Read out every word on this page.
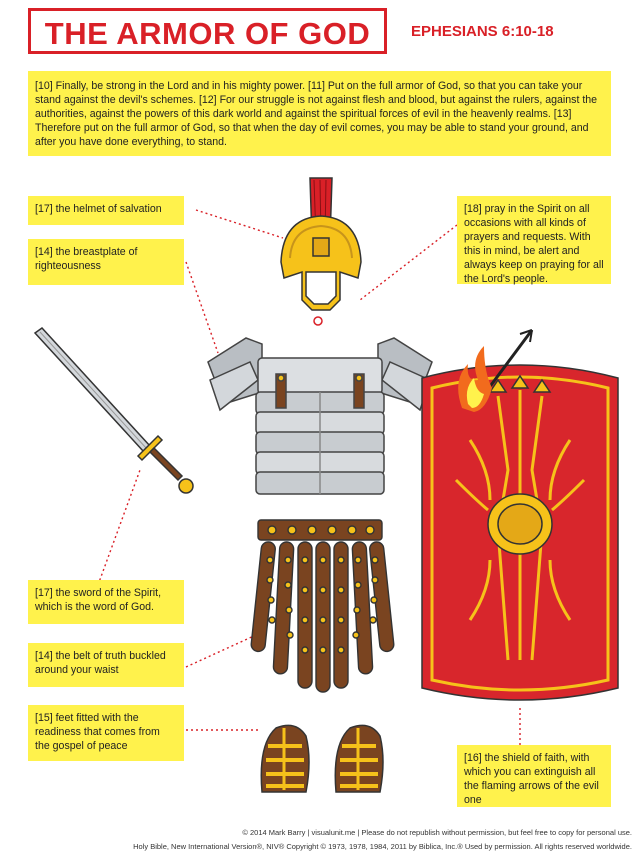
THE ARMOR OF GOD	EPHESIANS 6:10-18
[10] Finally, be strong in the Lord and in his mighty power. [11] Put on the full armor of God, so that you can take your stand against the devil's schemes. [12] For our struggle is not against flesh and blood, but against the rulers, against the authorities, against the powers of this dark world and against the spiritual forces of evil in the heavenly realms. [13] Therefore put on the full armor of God, so that when the day of evil comes, you may be able to stand your ground, and after you have done everything, to stand.
[17] the helmet of salvation
[14] the breastplate of righteousness
[18] pray in the Spirit on all occasions with all kinds of prayers and requests. With this in mind, be alert and always keep on praying for all the Lord's people.
[17] the sword of the Spirit, which is the word of God.
[14] the belt of truth buckled around your waist
[15] feet fitted with the readiness that comes from the gospel of peace
[16] the shield of faith, with which you can extinguish all the flaming arrows of the evil one
© 2014 Mark Barry | visualunit.me | Please do not republish without permission, but feel free to copy for personal use.
Holy Bible, New International Version®, NIV® Copyright © 1973, 1978, 1984, 2011 by Biblica, Inc.® Used by permission. All rights reserved worldwide.
